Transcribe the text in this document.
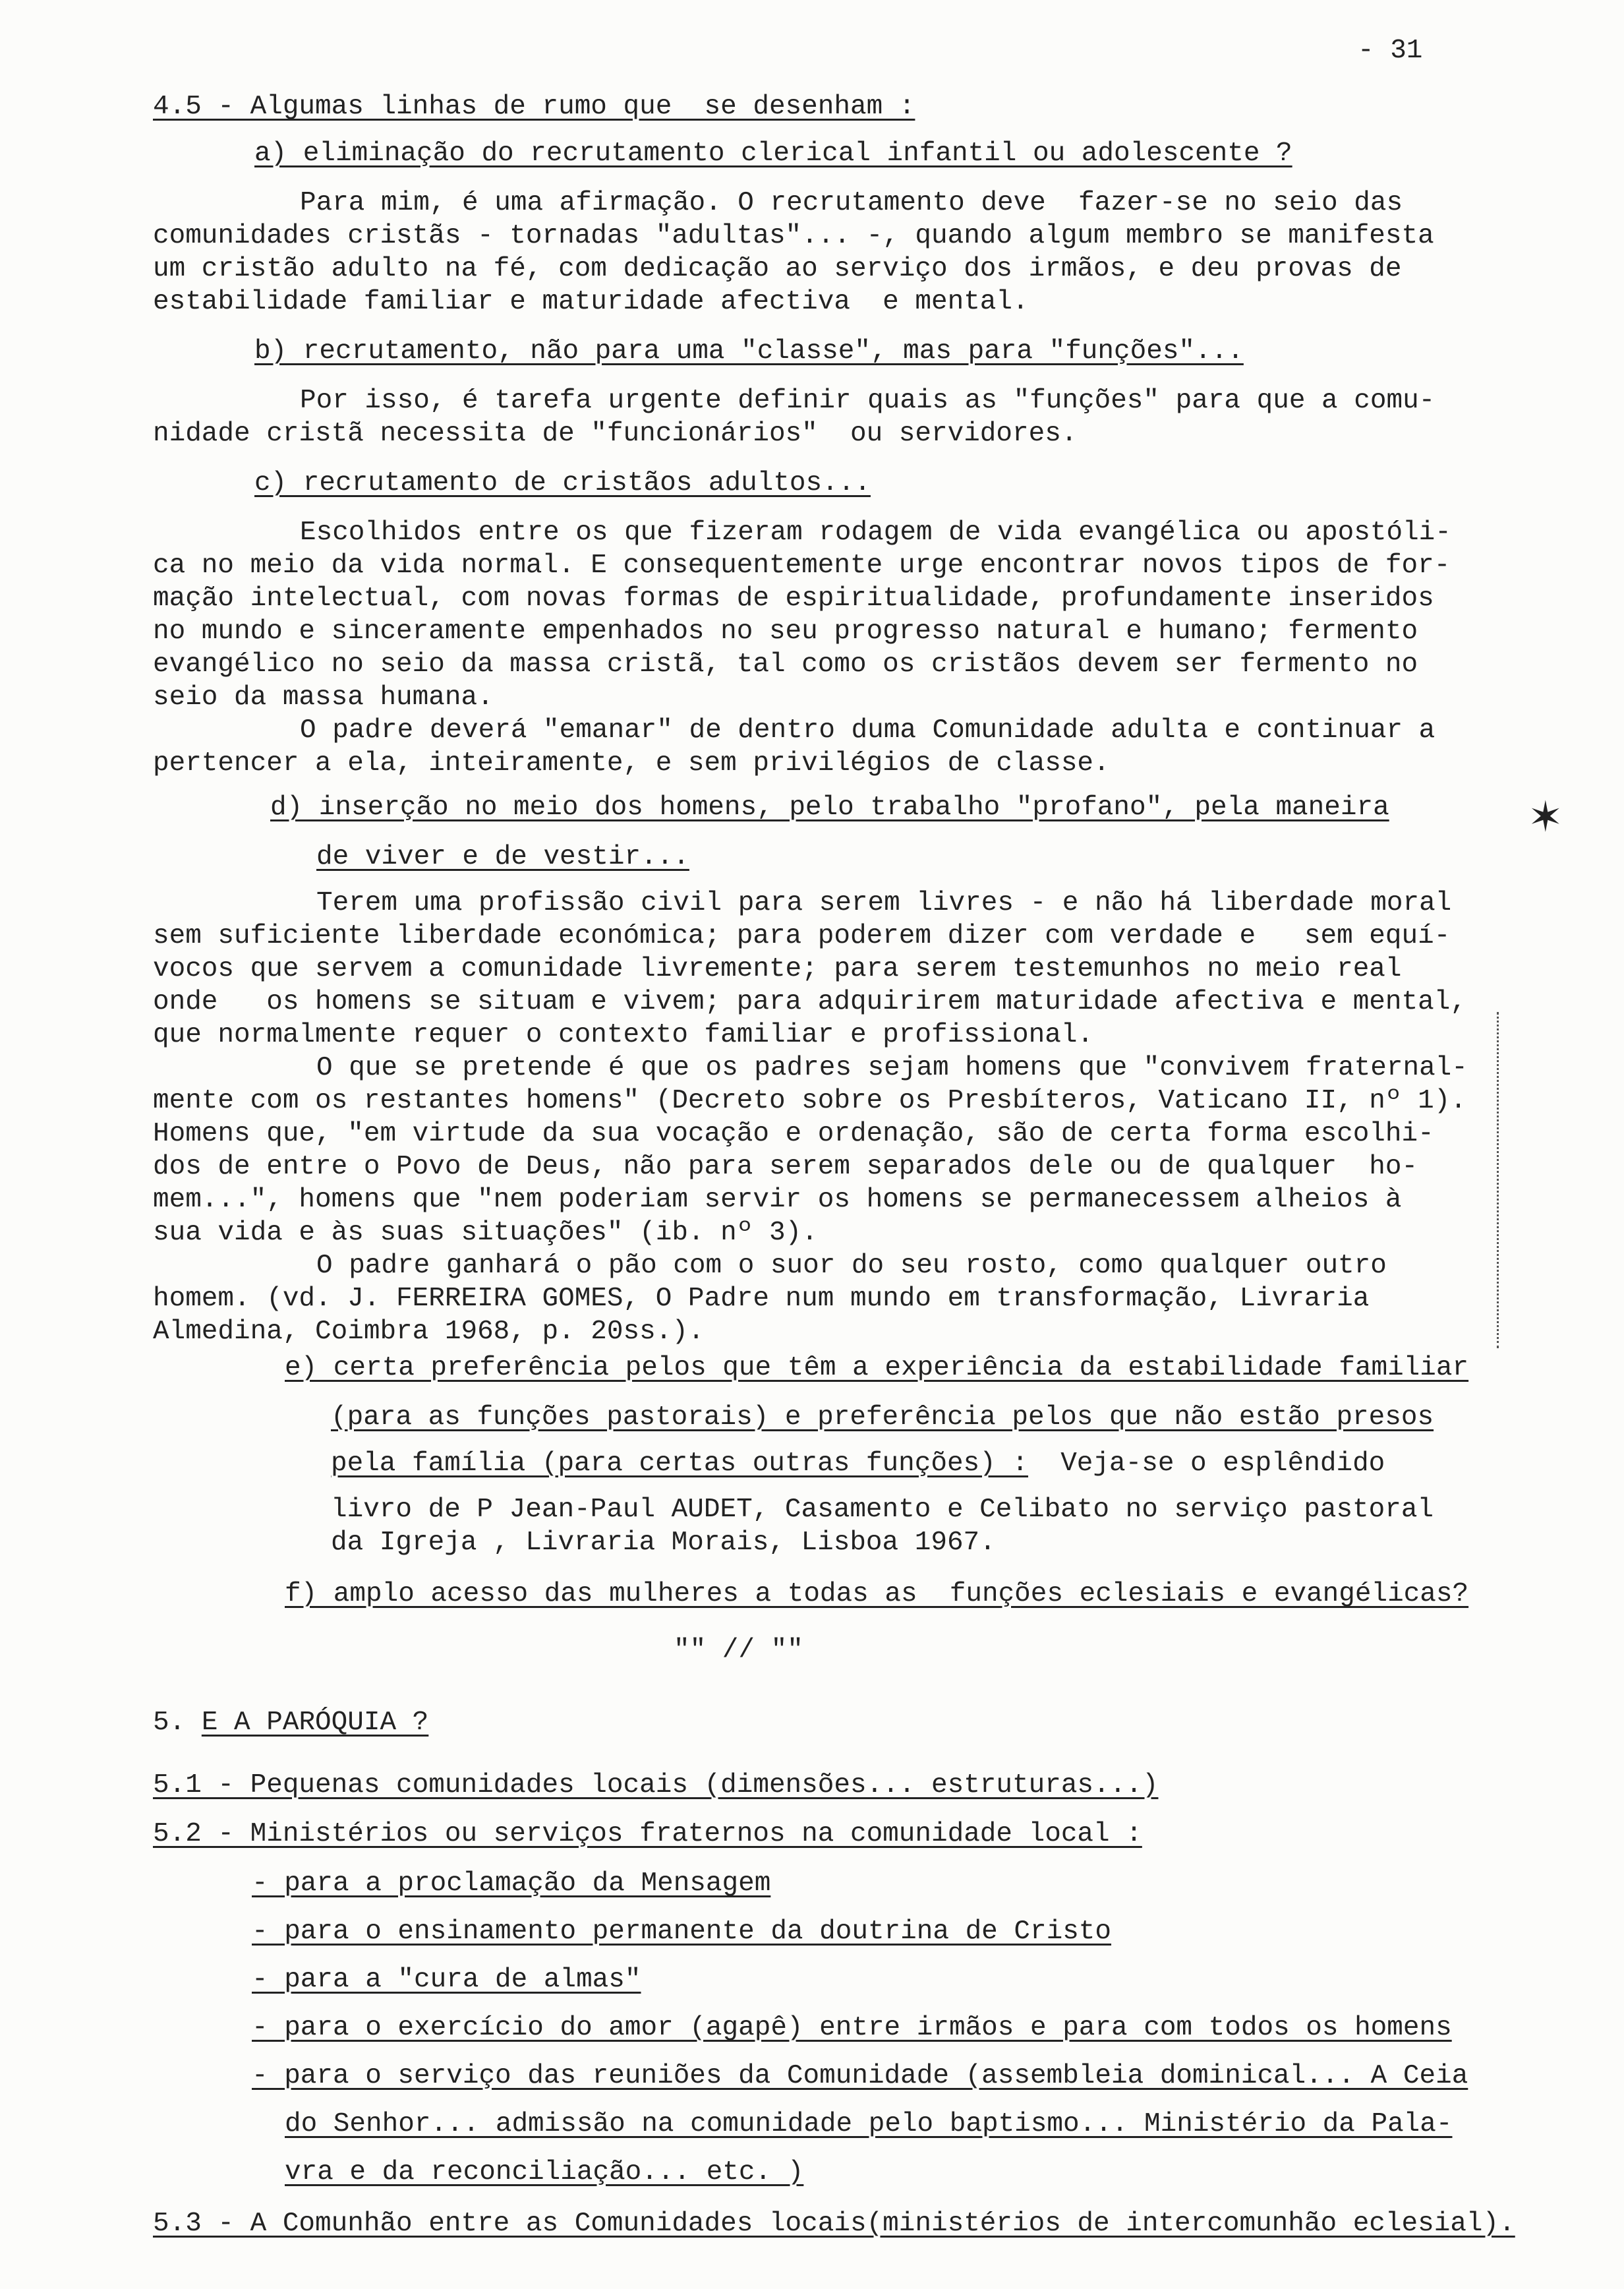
- 31
4.5 - Algumas linhas de rumo que  se desenham :
a) eliminação do recrutamento clerical infantil ou adolescente ?
Para mim, é uma afirmação. O recrutamento deve  fazer-se no seio das
comunidades cristãs - tornadas "adultas"... -, quando algum membro se manifesta
um cristão adulto na fé, com dedicação ao serviço dos irmãos, e deu provas de
estabilidade familiar e maturidade afectiva  e mental.
b) recrutamento, não para uma "classe", mas para "funções"...
Por isso, é tarefa urgente definir quais as "funções" para que a comu-
nidade cristã necessita de "funcionários"  ou servidores.
c) recrutamento de cristãos adultos...
Escolhidos entre os que fizeram rodagem de vida evangélica ou apostóli-
ca no meio da vida normal. E consequentemente urge encontrar novos tipos de for-
mação intelectual, com novas formas de espiritualidade, profundamente inseridos
no mundo e sinceramente empenhados no seu progresso natural e humano; fermento
evangélico no seio da massa cristã, tal como os cristãos devem ser fermento no
seio da massa humana.
O padre deverá "emanar" de dentro duma Comunidade adulta e continuar a
pertencer a ela, inteiramente, e sem privilégios de classe.
d) inserção no meio dos homens, pelo trabalho "profano", pela maneira	✶
de viver e de vestir...
Terem uma profissão civil para serem livres - e não há liberdade moral
sem suficiente liberdade económica; para poderem dizer com verdade e   sem equí-
vocos que servem a comunidade livremente; para serem testemunhos no meio real
onde   os homens se situam e vivem; para adquirirem maturidade afectiva e mental,
que normalmente requer o contexto familiar e profissional.
O que se pretende é que os padres sejam homens que "convivem fraternal-
mente com os restantes homens" (Decreto sobre os Presbíteros, Vaticano II, nº 1).
Homens que, "em virtude da sua vocação e ordenação, são de certa forma escolhi-
dos de entre o Povo de Deus, não para serem separados dele ou de qualquer  ho-
mem...", homens que "nem poderiam servir os homens se permanecessem alheios à
sua vida e às suas situações" (ib. nº 3).
O padre ganhará o pão com o suor do seu rosto, como qualquer outro
homem. (vd. J. FERREIRA GOMES, O Padre num mundo em transformação, Livraria
Almedina, Coimbra 1968, p. 20ss.).
e) certa preferência pelos que têm a experiência da estabilidade familiar
(para as funções pastorais) e preferência pelos que não estão presos
pela família (para certas outras funções) : Veja-se o esplêndido
livro de P Jean-Paul AUDET, Casamento e Celibato no serviço pastoral
da Igreja , Livraria Morais, Lisboa 1967.
f) amplo acesso das mulheres a todas as  funções eclesiais e evangélicas?
"" // ""
5. E A PARÓQUIA ?
5.1 - Pequenas comunidades locais (dimensões... estruturas...)
5.2 - Ministérios ou serviços fraternos na comunidade local :
- para a proclamação da Mensagem
- para o ensinamento permanente da doutrina de Cristo
- para a "cura de almas"
- para o exercício do amor (agapê) entre irmãos e para com todos os homens
- para o serviço das reuniões da Comunidade (assembleia dominical... A Ceia
do Senhor... admissão na comunidade pelo baptismo... Ministério da Pala-
vra e da reconciliação... etc. )
5.3 - A Comunhão entre as Comunidades locais(ministérios de intercomunhão eclesial).
